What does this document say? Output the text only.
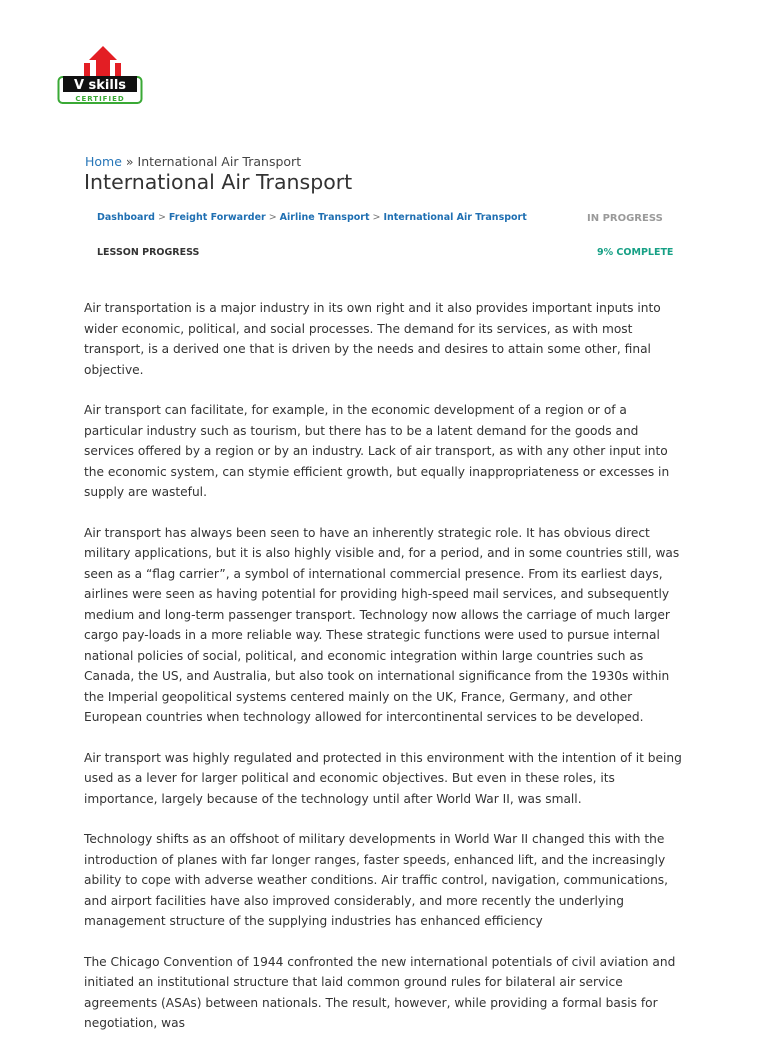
V skills
CERTIFIED
Home » International Air Transport
International Air Transport
Dashboard > Freight Forwarder > Airline Transport > International Air Transport	IN PROGRESS
LESSON PROGRESS	9% COMPLETE

Air transportation is a major industry in its own right and it also provides important inputs into wider economic, political, and social processes. The demand for its services, as with most transport, is a derived one that is driven by the needs and desires to attain some other, final objective.

Air transport can facilitate, for example, in the economic development of a region or of a particular industry such as tourism, but there has to be a latent demand for the goods and services offered by a region or by an industry. Lack of air transport, as with any other input into the economic system, can stymie efficient growth, but equally inappropriateness or excesses in supply are wasteful.

Air transport has always been seen to have an inherently strategic role. It has obvious direct military applications, but it is also highly visible and, for a period, and in some countries still, was seen as a “flag carrier”, a symbol of international commercial presence. From its earliest days, airlines were seen as having potential for providing high-speed mail services, and subsequently medium and long-term passenger transport. Technology now allows the carriage of much larger cargo pay-loads in a more reliable way. These strategic functions were used to pursue internal national policies of social, political, and economic integration within large countries such as Canada, the US, and Australia, but also took on international significance from the 1930s within the Imperial geopolitical systems centered mainly on the UK, France, Germany, and other European countries when technology allowed for intercontinental services to be developed.

Air transport was highly regulated and protected in this environment with the intention of it being used as a lever for larger political and economic objectives. But even in these roles, its importance, largely because of the technology until after World War II, was small.

Technology shifts as an offshoot of military developments in World War II changed this with the introduction of planes with far longer ranges, faster speeds, enhanced lift, and the increasingly ability to cope with adverse weather conditions. Air traffic control, navigation, communications, and airport facilities have also improved considerably, and more recently the underlying management structure of the supplying industries has enhanced efficiency

The Chicago Convention of 1944 confronted the new international potentials of civil aviation and initiated an institutional structure that laid common ground rules for bilateral air service agreements (ASAs) between nationals. The result, however, while providing a formal basis for negotiation, was
